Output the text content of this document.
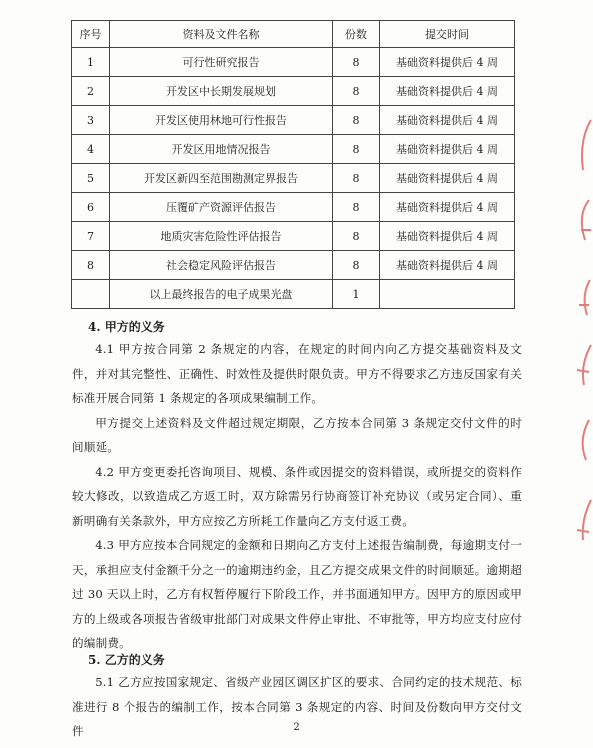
序号	资料及文件名称	份数	提交时间
1	可行性研究报告	8	基础资料提供后 4 周
2	开发区中长期发展规划	8	基础资料提供后 4 周
3	开发区使用林地可行性报告	8	基础资料提供后 4 周
4	开发区用地情况报告	8	基础资料提供后 4 周
5	开发区新四至范围勘测定界报告	8	基础资料提供后 4 周
6	压覆矿产资源评估报告	8	基础资料提供后 4 周
7	地质灾害危险性评估报告	8	基础资料提供后 4 周
8	社会稳定风险评估报告	8	基础资料提供后 4 周
	以上最终报告的电子成果光盘	1	
4. 甲方的义务

4.1 甲方按合同第 2 条规定的内容，在规定的时间内向乙方提交基础资料及文件，并对其完整性、正确性、时效性及提供时限负责。甲方不得要求乙方违反国家有关标准开展合同第 1 条规定的各项成果编制工作。

甲方提交上述资料及文件超过规定期限，乙方按本合同第 3 条规定交付文件的时间顺延。

4.2 甲方变更委托咨询项目、规模、条件或因提交的资料错误，或所提交的资料作较大修改，以致造成乙方返工时，双方除需另行协商签订补充协议（或另定合同）、重新明确有关条款外，甲方应按乙方所耗工作量向乙方支付返工费。

4.3 甲方应按本合同规定的金额和日期向乙方支付上述报告编制费，每逾期支付一天，承担应支付金额千分之一的逾期违约金，且乙方提交成果文件的时间顺延。逾期超过 30 天以上时，乙方有权暂停履行下阶段工作，并书面通知甲方。因甲方的原因或甲方的上级或各项报告省级审批部门对成果文件停止审批、不审批等，甲方均应支付应付的编制费。

5. 乙方的义务

5.1 乙方应按国家规定、省级产业园区调区扩区的要求、合同约定的技术规范、标准进行 8 个报告的编制工作，按本合同第 3 条规定的内容、时间及份数向甲方交付文件	2
